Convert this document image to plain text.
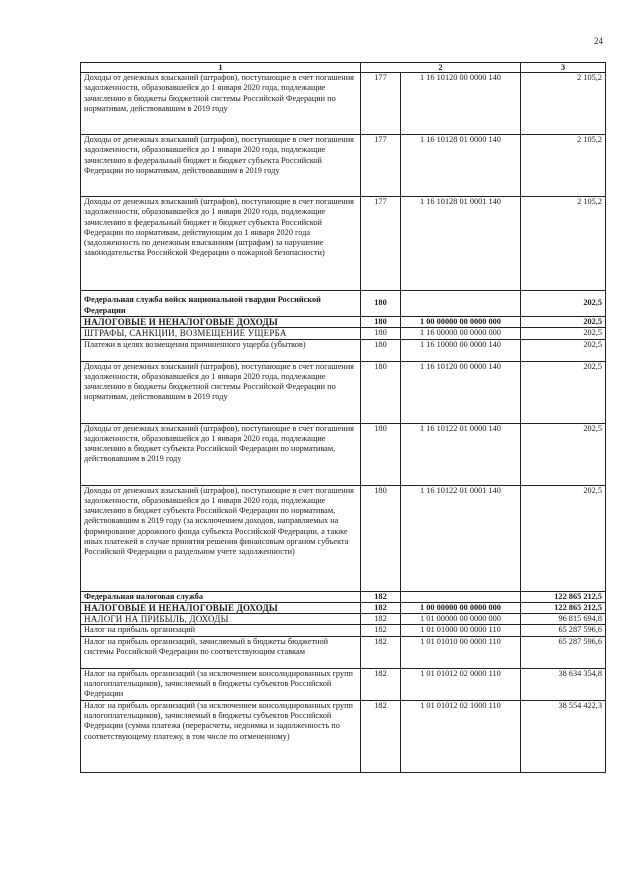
24
1	2		3
Доходы от денежных взысканий (штрафов), поступающие в счет погашения задолженности, образовавшейся до 1 января 2020 года, подлежащие зачислению в бюджеты бюджетной системы Российской Федерации по нормативам, действовавшим в 2019 году	177	1 16 10120 00 0000 140	2 105,2
Доходы от денежных взысканий (штрафов), поступающие в счет погашения задолженности, образовавшейся до 1 января 2020 года, подлежащие зачислению в федеральный бюджет и бюджет субъекта Российской Федерации по нормативам, действовавшим в 2019 году	177	1 16 10128 01 0000 140	2 105,2
Доходы от денежных взысканий (штрафов), поступающие в счет погашения задолженности, образовавшейся до 1 января 2020 года, подлежащие зачислению в федеральный бюджет и бюджет субъекта Российской Федерации по нормативам, действующим до 1 января 2020 года (задолженность по денежным взысканиям (штрафам) за нарушение законодательства Российской Федерации о пожарной безопасности)	177	1 16 10128 01 0001 140	2 105,2
Федеральная служба войск национальной гвардии Российской Федерации	180		202,5
НАЛОГОВЫЕ И НЕНАЛОГОВЫЕ ДОХОДЫ	180	1 00 00000 00 0000 000	202,5
ШТРАФЫ, САНКЦИИ, ВОЗМЕЩЕНИЕ УЩЕРБА	180	1 16 00000 00 0000 000	202,5
Платежи в целях возмещения причиненного ущерба (убытков)	180	1 16 10000 00 0000 140	202,5
Доходы от денежных взысканий (штрафов), поступающие в счет погашения задолженности, образовавшейся до 1 января 2020 года, подлежащие зачислению в бюджеты бюджетной системы Российской Федерации по нормативам, действовавшим в 2019 году	180	1 16 10120 00 0000 140	202,5
Доходы от денежных взысканий (штрафов), поступающие в счет погашения задолженности, образовавшейся до 1 января 2020 года, подлежащие зачислению в бюджет субъекта Российской Федерации по нормативам, действовавшим в 2019 году	180	1 16 10122 01 0000 140	202,5
Доходы от денежных взысканий (штрафов), поступающие в счет погашения задолженности, образовавшейся до 1 января 2020 года, подлежащие зачислению в бюджет субъекта Российской Федерации по нормативам, действовавшим в 2019 году (за исключением доходов, направляемых на формирование дорожного фонда субъекта Российской Федерации, а также иных платежей в случае принятия решения финансовым органом субъекта Российской Федерации о раздельном учете задолженности)	180	1 16 10122 01 0001 140	202,5
Федеральная налоговая служба	182		122 865 212,5
НАЛОГОВЫЕ И НЕНАЛОГОВЫЕ ДОХОДЫ	182	1 00 00000 00 0000 000	122 865 212,5
НАЛОГИ НА ПРИБЫЛЬ, ДОХОДЫ	182	1 01 00000 00 0000 000	96 815 694,8
Налог на прибыль организаций	182	1 01 01000 00 0000 110	65 287 596,6
Налог на прибыль организаций, зачисляемый в бюджеты бюджетной системы Российской Федерации по соответствующим ставкам	182	1 01 01010 00 0000 110	65 287 596,6
Налог на прибыль организаций (за исключением консолидированных групп налогоплательщиков), зачисляемый в бюджеты субъектов Российской Федерации	182	1 01 01012 02 0000 110	38 634 354,8
Налог на прибыль организаций (за исключением консолидированных групп налогоплательщиков), зачисляемый в бюджеты субъектов Российской Федерации (сумма платежа (перерасчеты, недоимка и задолженность по соответствующему платежу, в том числе по отмененному)	182	1 01 01012 02 1000 110	38 554 422,3
